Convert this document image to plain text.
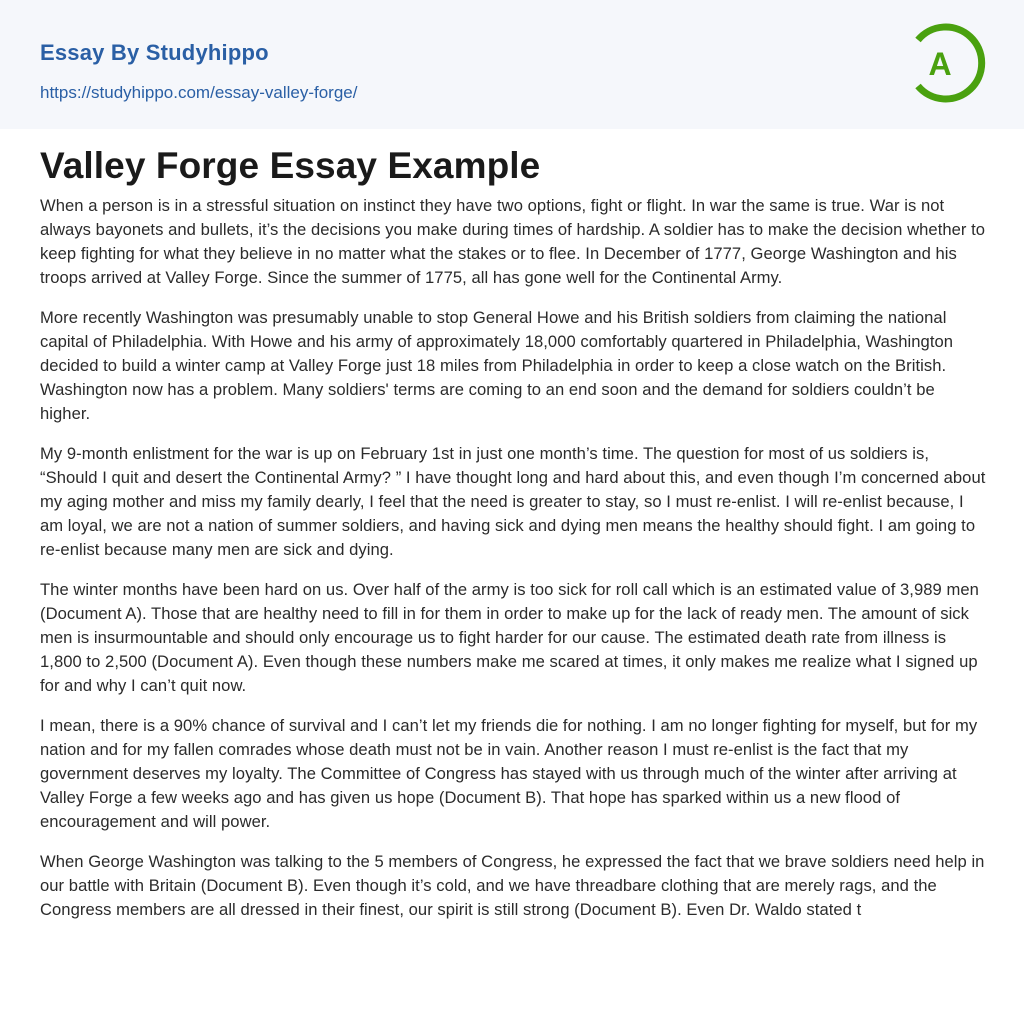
Essay By Studyhippo
https://studyhippo.com/essay-valley-forge/
A
Valley Forge Essay Example

When a person is in a stressful situation on instinct they have two options, fight or flight. In war the same is true. War is not always bayonets and bullets, it’s the decisions you make during times of hardship. A soldier has to make the decision whether to keep fighting for what they believe in no matter what the stakes or to flee. In December of 1777, George Washington and his troops arrived at Valley Forge. Since the summer of 1775, all has gone well for the Continental Army.

More recently Washington was presumably unable to stop General Howe and his British soldiers from claiming the national capital of Philadelphia. With Howe and his army of approximately 18,000 comfortably quartered in Philadelphia, Washington decided to build a winter camp at Valley Forge just 18 miles from Philadelphia in order to keep a close watch on the British. Washington now has a problem. Many soldiers' terms are coming to an end soon and the demand for soldiers couldn’t be higher.

My 9-month enlistment for the war is up on February 1st in just one month’s time. The question for most of us soldiers is, “Should I quit and desert the Continental Army? ” I have thought long and hard about this, and even though I’m concerned about my aging mother and miss my family dearly, I feel that the need is greater to stay, so I must re-enlist. I will re-enlist because, I am loyal, we are not a nation of summer soldiers, and having sick and dying men means the healthy should fight. I am going to re-enlist because many men are sick and dying.

The winter months have been hard on us. Over half of the army is too sick for roll call which is an estimated value of 3,989 men (Document A). Those that are healthy need to fill in for them in order to make up for the lack of ready men. The amount of sick men is insurmountable and should only encourage us to fight harder for our cause. The estimated death rate from illness is 1,800 to 2,500 (Document A). Even though these numbers make me scared at times, it only makes me realize what I signed up for and why I can’t quit now.

I mean, there is a 90% chance of survival and I can’t let my friends die for nothing. I am no longer fighting for myself, but for my nation and for my fallen comrades whose death must not be in vain. Another reason I must re-enlist is the fact that my government deserves my loyalty. The Committee of Congress has stayed with us through much of the winter after arriving at Valley Forge a few weeks ago and has given us hope (Document B). That hope has sparked within us a new flood of encouragement and will power.

When George Washington was talking to the 5 members of Congress, he expressed the fact that we brave soldiers need help in our battle with Britain (Document B). Even though it’s cold, and we have threadbare clothing that are merely rags, and the Congress members are all dressed in their finest, our spirit is still strong (Document B). Even Dr. Waldo stated t
